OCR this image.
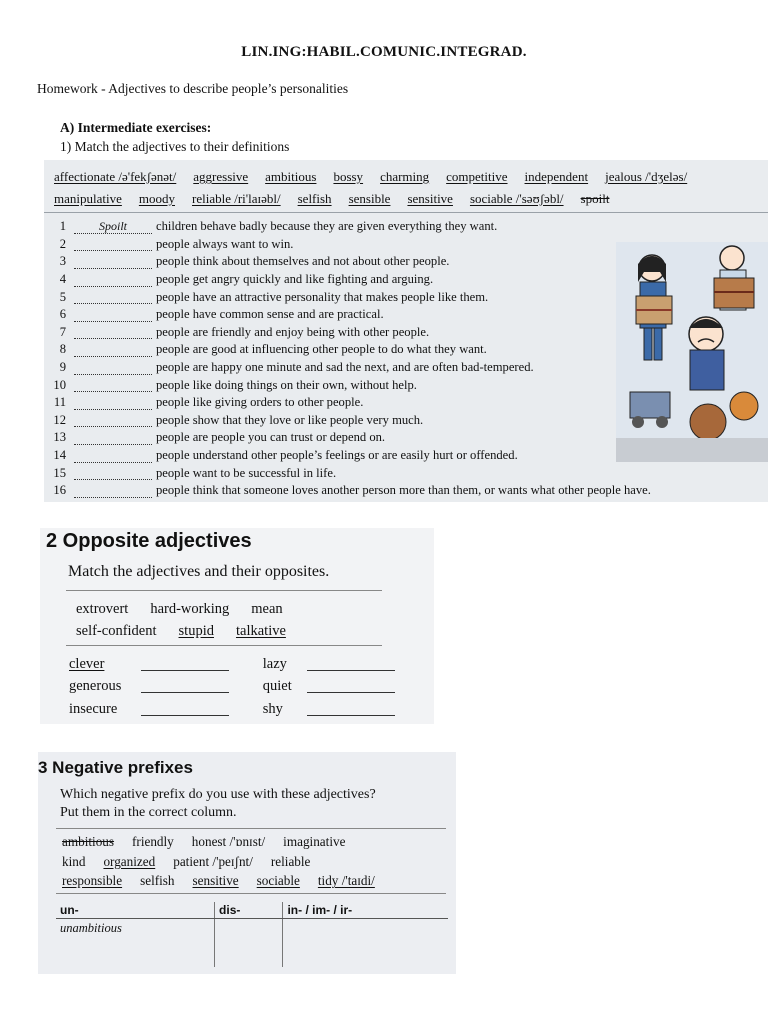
LIN.ING:HABIL.COMUNIC.INTEGRAD.
Homework - Adjectives to describe people’s personalities
A) Intermediate exercises:
1) Match the adjectives to their definitions
affectionate /ə'fekʃənət/ aggressive ambitious bossy charming competitive independent jealous /'dʒeləs/
manipulative moody reliable /ri'laɪəbl/ selfish sensible sensitive sociable /'səʊʃəbl/ spoilt
1	Spoilt	children behave badly because they are given everything they want.
2	people always want to win.
3	people think about themselves and not about other people.
4	people get angry quickly and like fighting and arguing.
5	people have an attractive personality that makes people like them.
6	people have common sense and are practical.
7	people are friendly and enjoy being with other people.
8	people are good at influencing other people to do what they want.
9	people are happy one minute and sad the next, and are often bad-tempered.
10	people like doing things on their own, without help.
11	people like giving orders to other people.
12	people show that they love or like people very much.
13	people are people you can trust or depend on.
14	people understand other people’s feelings or are easily hurt or offended.
15	people want to be successful in life.
16	people think that someone loves another person more than them, or wants what other people have.
2 Opposite adjectives
Match the adjectives and their opposites.
extrovert hard-working mean
self-confident stupid talkative
clever	lazy
generous	quiet
insecure	shy
3 Negative prefixes
Which negative prefix do you use with these adjectives?
Put them in the correct column.
ambitious friendly honest /'ɒnɪst/ imaginative
kind organized patient /'peɪʃnt/ reliable
responsible selfish sensitive sociable tidy /'taɪdi/
un-	dis-	in- / im- / ir-
unambitious		
